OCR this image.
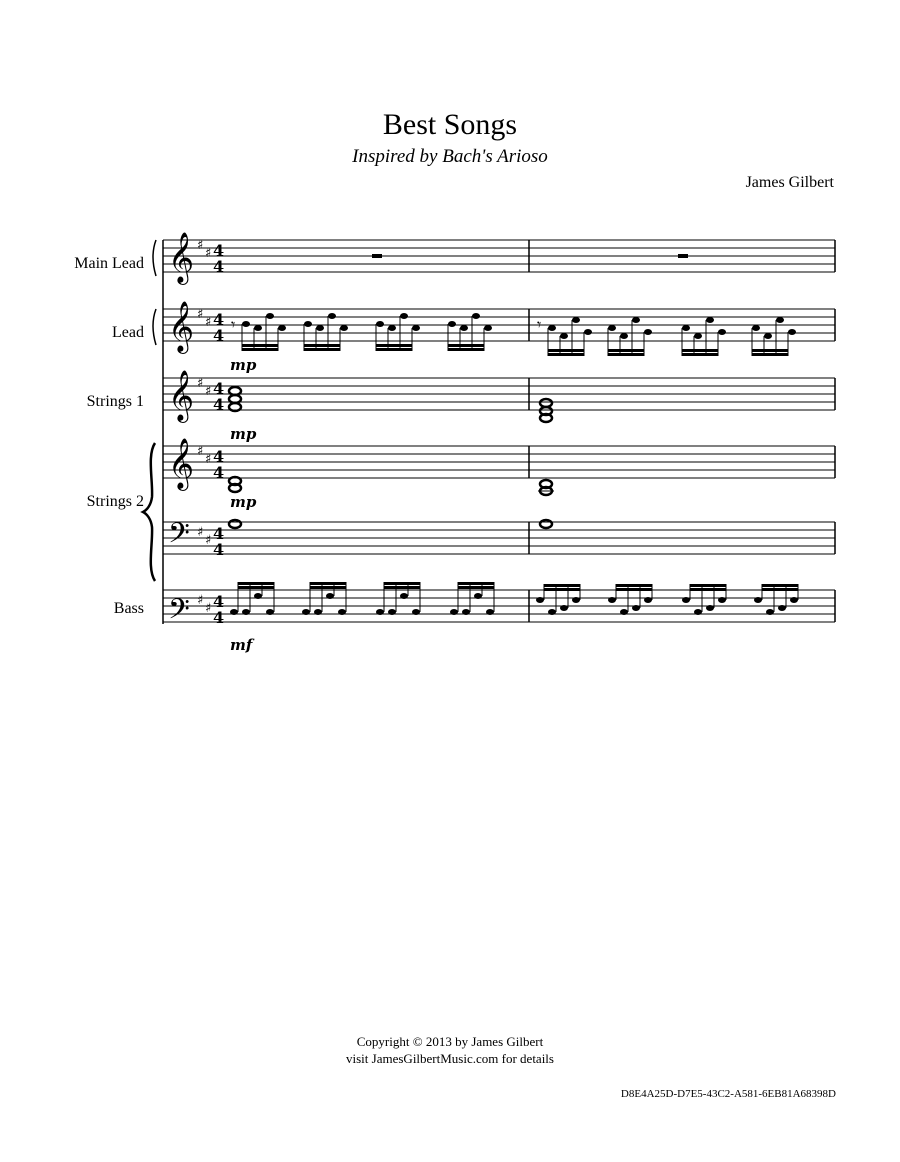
Best Songs
Inspired by Bach's Arioso
James Gilbert
Main Lead
Lead
Strings 1
Strings 2
Bass
𝄞
𝄞
𝄞
𝄞
𝄢
𝄢
♯
♯
♯
♯
♯
♯
♯
♯
♯
♯
♯
♯
4
4
4
4
4
4
4
4
4
4
4
4
𝄾	𝄾
mp
mp
mp
mf
Copyright © 2013 by James Gilbert
visit JamesGilbertMusic.com for details
D8E4A25D-D7E5-43C2-A581-6EB81A68398D
